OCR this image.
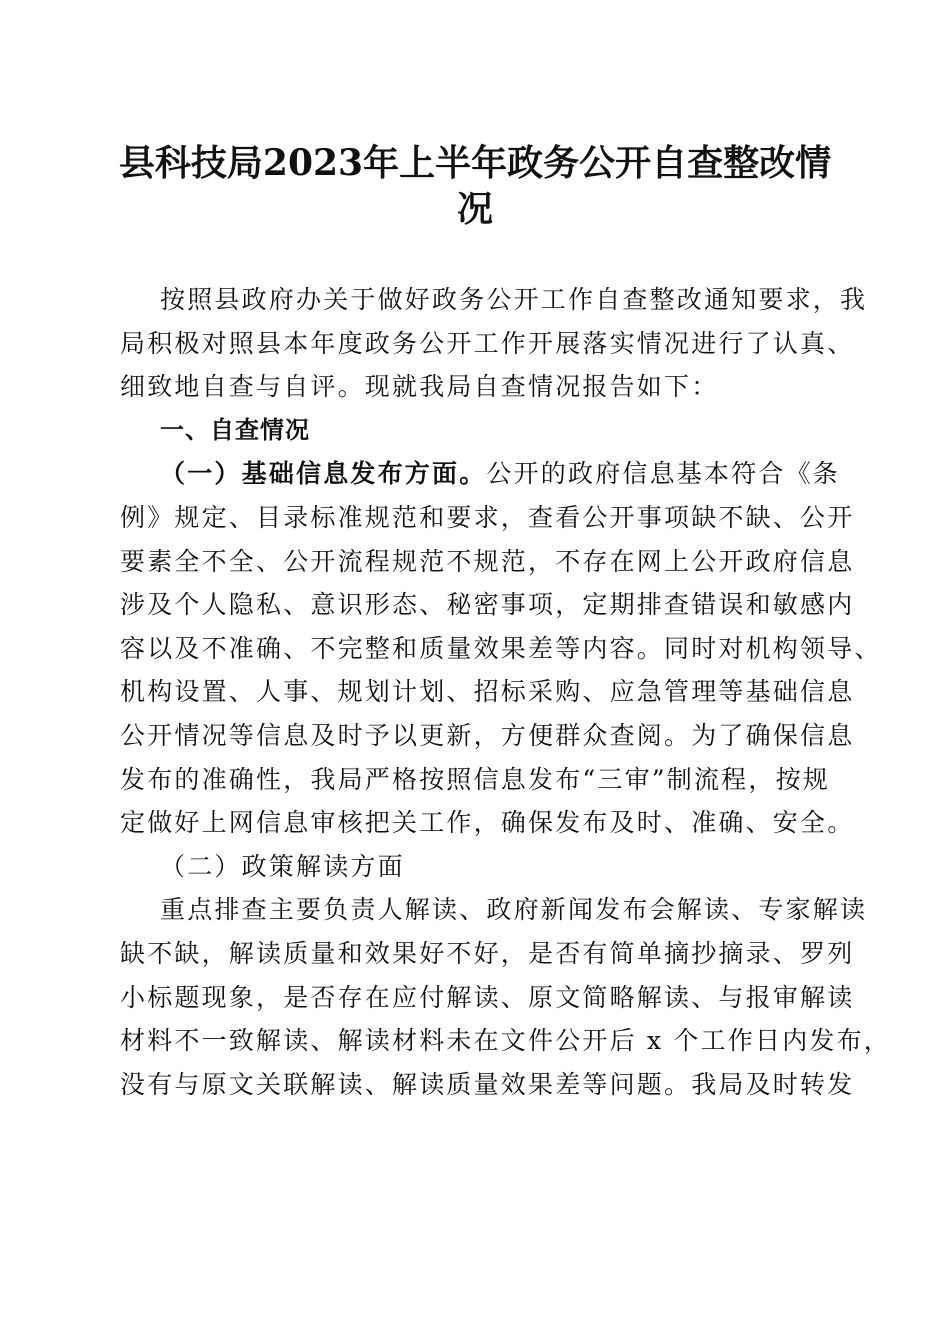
县科技局2023年上半年政务公开自查整改情
况
按照县政府办关于做好政务公开工作自查整改通知要求，我
局积极对照县本年度政务公开工作开展落实情况进行了认真、
细致地自查与自评。现就我局自查情况报告如下：
一、自查情况
（一）基础信息发布方面。公开的政府信息基本符合《条
例》规定、目录标准规范和要求，查看公开事项缺不缺、公开
要素全不全、公开流程规范不规范，不存在网上公开政府信息
涉及个人隐私、意识形态、秘密事项，定期排查错误和敏感内
容以及不准确、不完整和质量效果差等内容。同时对机构领导、
机构设置、人事、规划计划、招标采购、应急管理等基础信息
公开情况等信息及时予以更新，方便群众查阅。为了确保信息
发布的准确性，我局严格按照信息发布“三审”制流程，按规
定做好上网信息审核把关工作，确保发布及时、准确、安全。
（二）政策解读方面
重点排查主要负责人解读、政府新闻发布会解读、专家解读
缺不缺，解读质量和效果好不好，是否有简单摘抄摘录、罗列
小标题现象，是否存在应付解读、原文简略解读、与报审解读
材料不一致解读、解读材料未在文件公开后 x 个工作日内发布，
没有与原文关联解读、解读质量效果差等问题。我局及时转发
